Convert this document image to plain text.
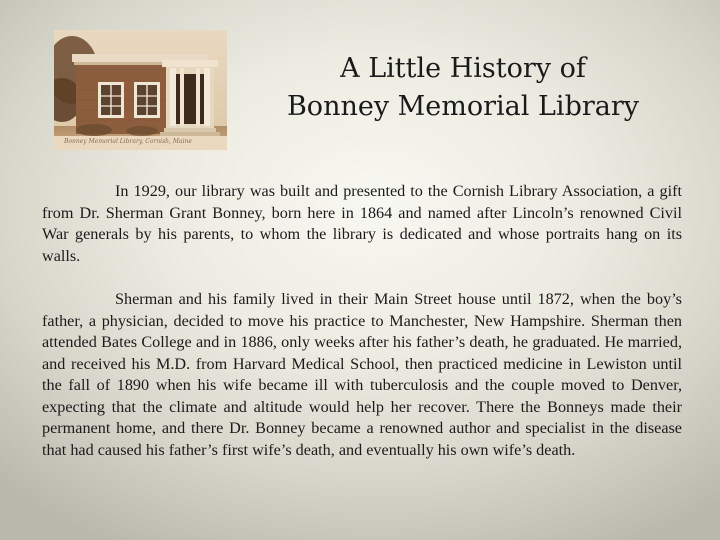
Bonney Memorial Library, Cornish, Maine
A Little History of
Bonney Memorial Library

In 1929, our library was built and presented to the Cornish Library Association, a gift from Dr. Sherman Grant Bonney, born here in 1864 and named after Lincoln’s renowned Civil War generals by his parents, to whom the library is dedicated and whose portraits hang on its walls.

Sherman and his family lived in their Main Street house until 1872, when the boy’s father, a physician, decided to move his practice to Manchester, New Hampshire. Sherman then attended Bates College and in 1886, only weeks after his father’s death, he graduated. He married, and received his M.D. from Harvard Medical School, then practiced medicine in Lewiston until the fall of 1890 when his wife became ill with tuberculosis and the couple moved to Denver, expecting that the climate and altitude would help her recover. There the Bonneys made their permanent home, and there Dr. Bonney became a renowned author and specialist in the disease that had caused his father’s first wife’s death, and eventually his own wife’s death.
